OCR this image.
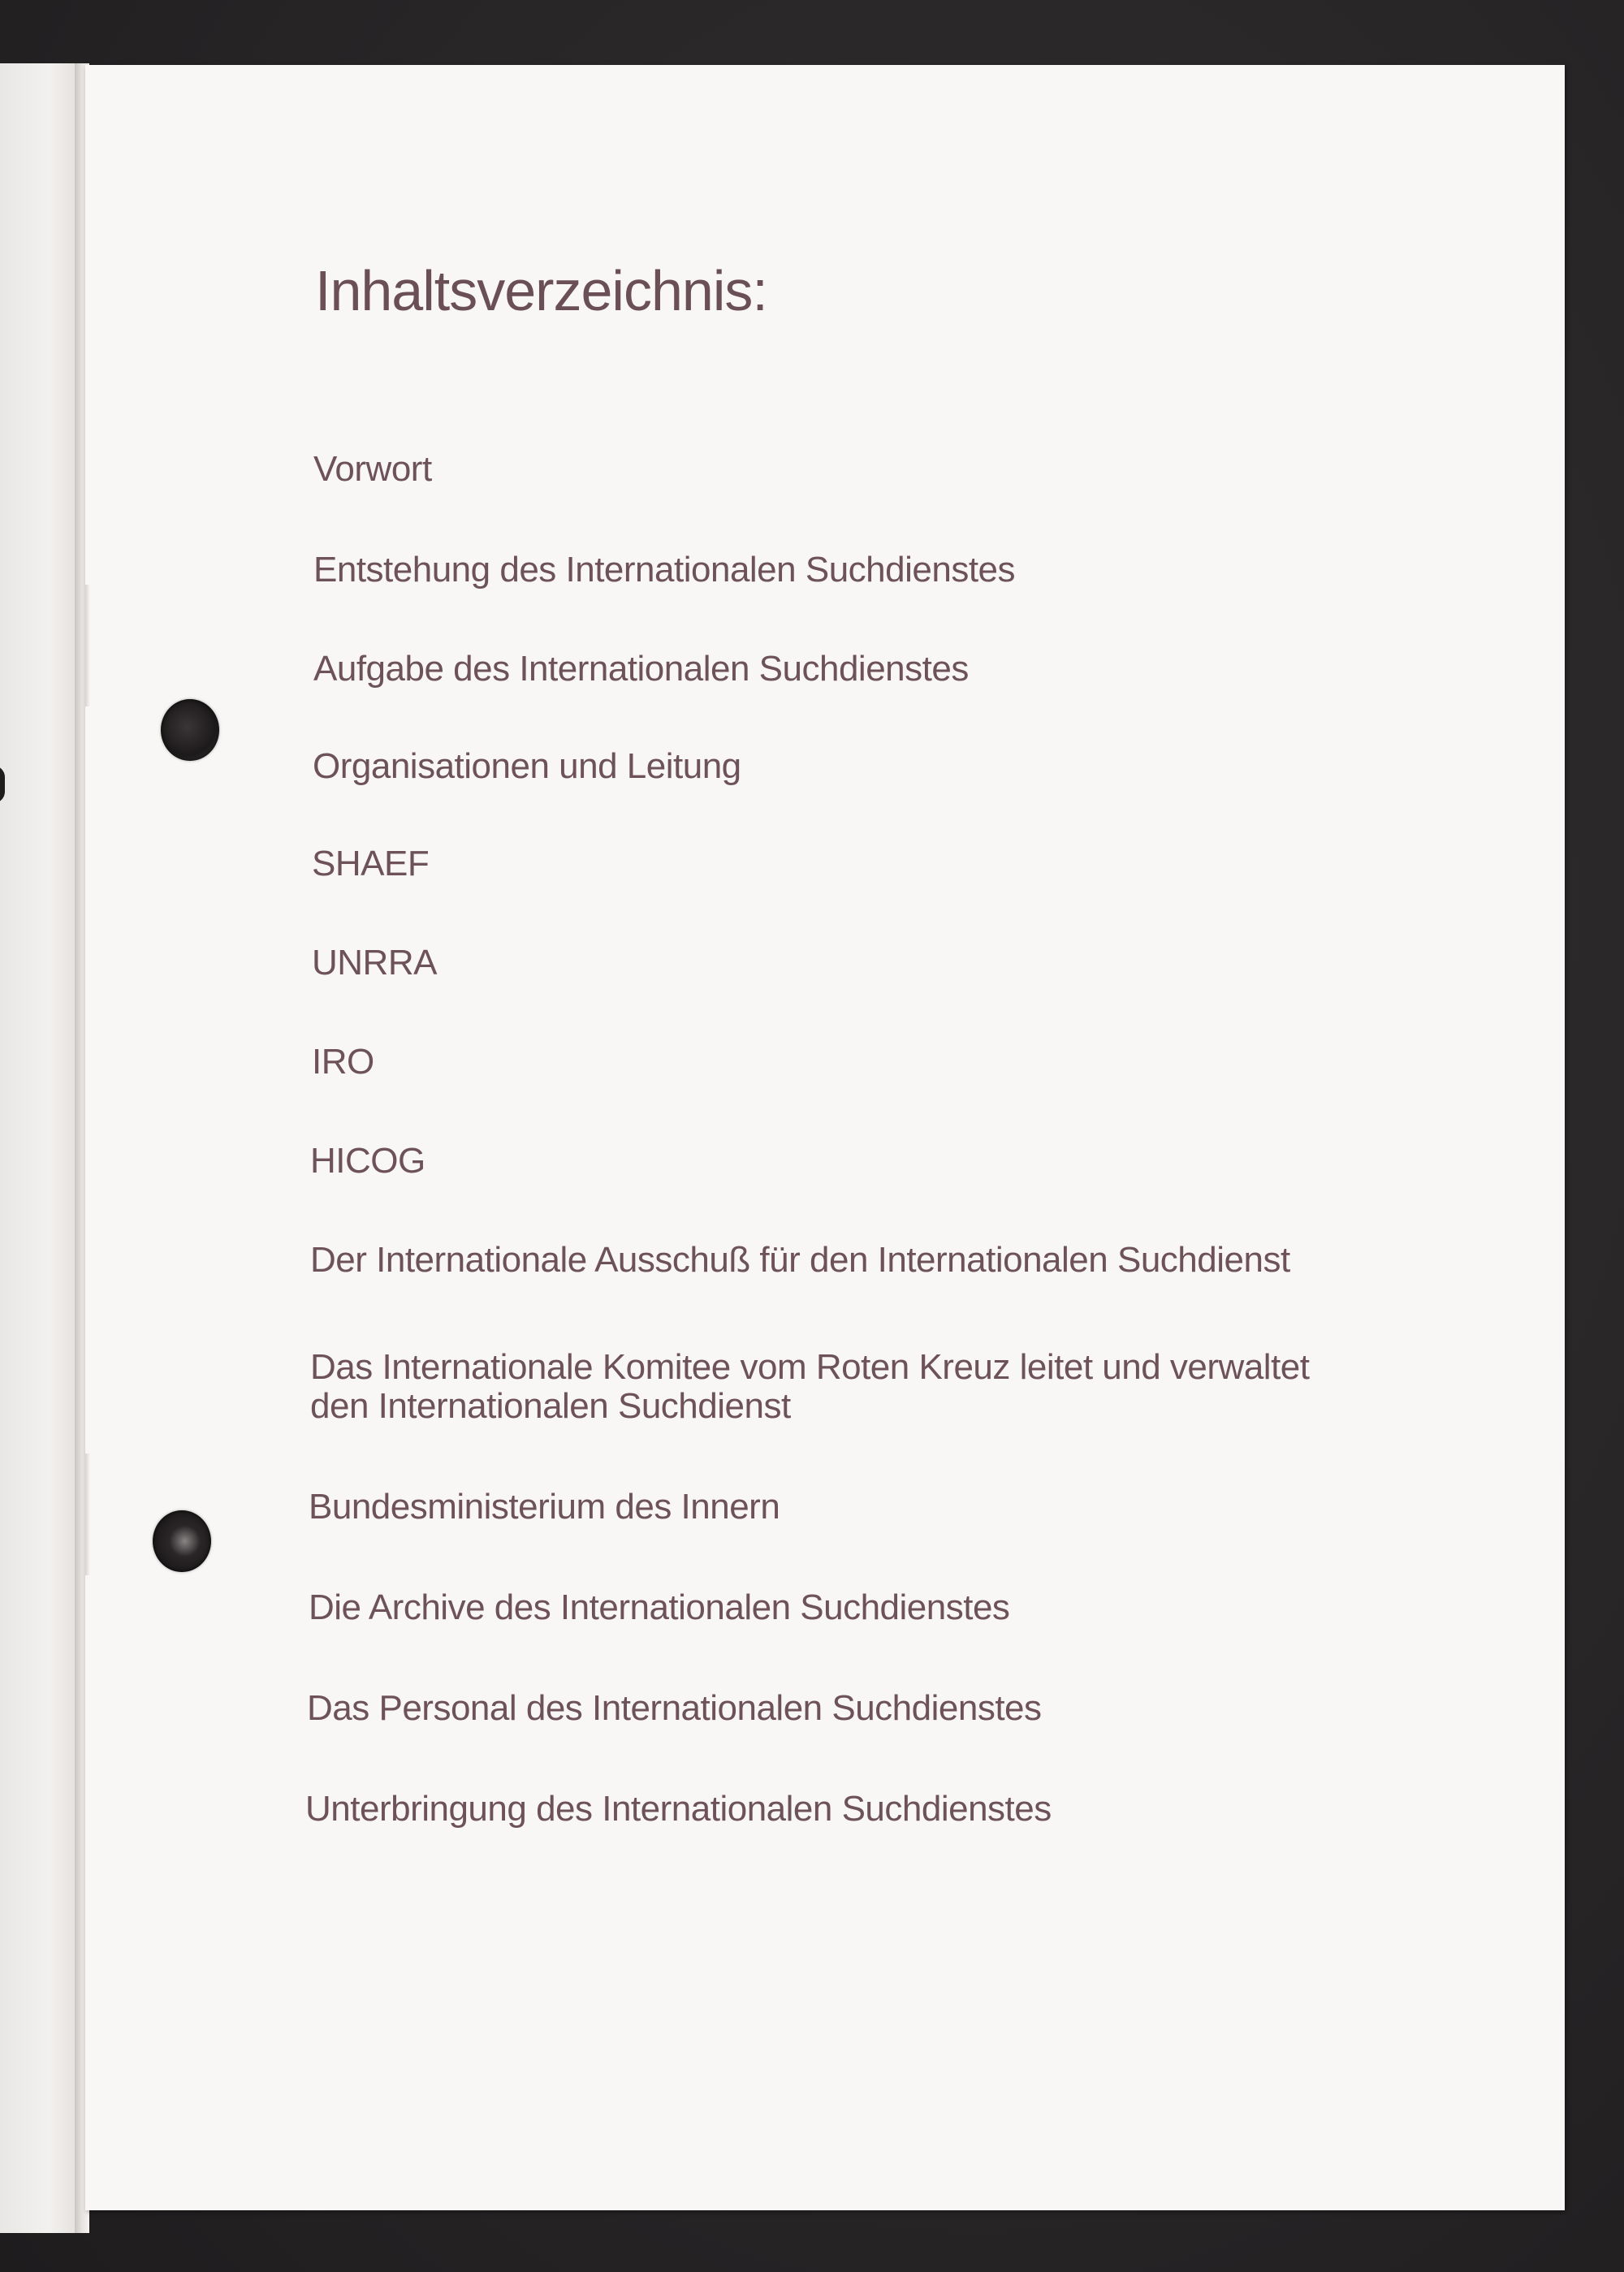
Inhaltsverzeichnis:
Vorwort
Entstehung des Internationalen Suchdienstes
Aufgabe des Internationalen Suchdienstes
Organisationen und Leitung
SHAEF
UNRRA
IRO
HICOG
Der Internationale Ausschuß für den Internationalen Suchdienst
Das Internationale Komitee vom Roten Kreuz leitet und verwaltet
den Internationalen Suchdienst
Bundesministerium des Innern
Die Archive des Internationalen Suchdienstes
Das Personal des Internationalen Suchdienstes
Unterbringung des Internationalen Suchdienstes
